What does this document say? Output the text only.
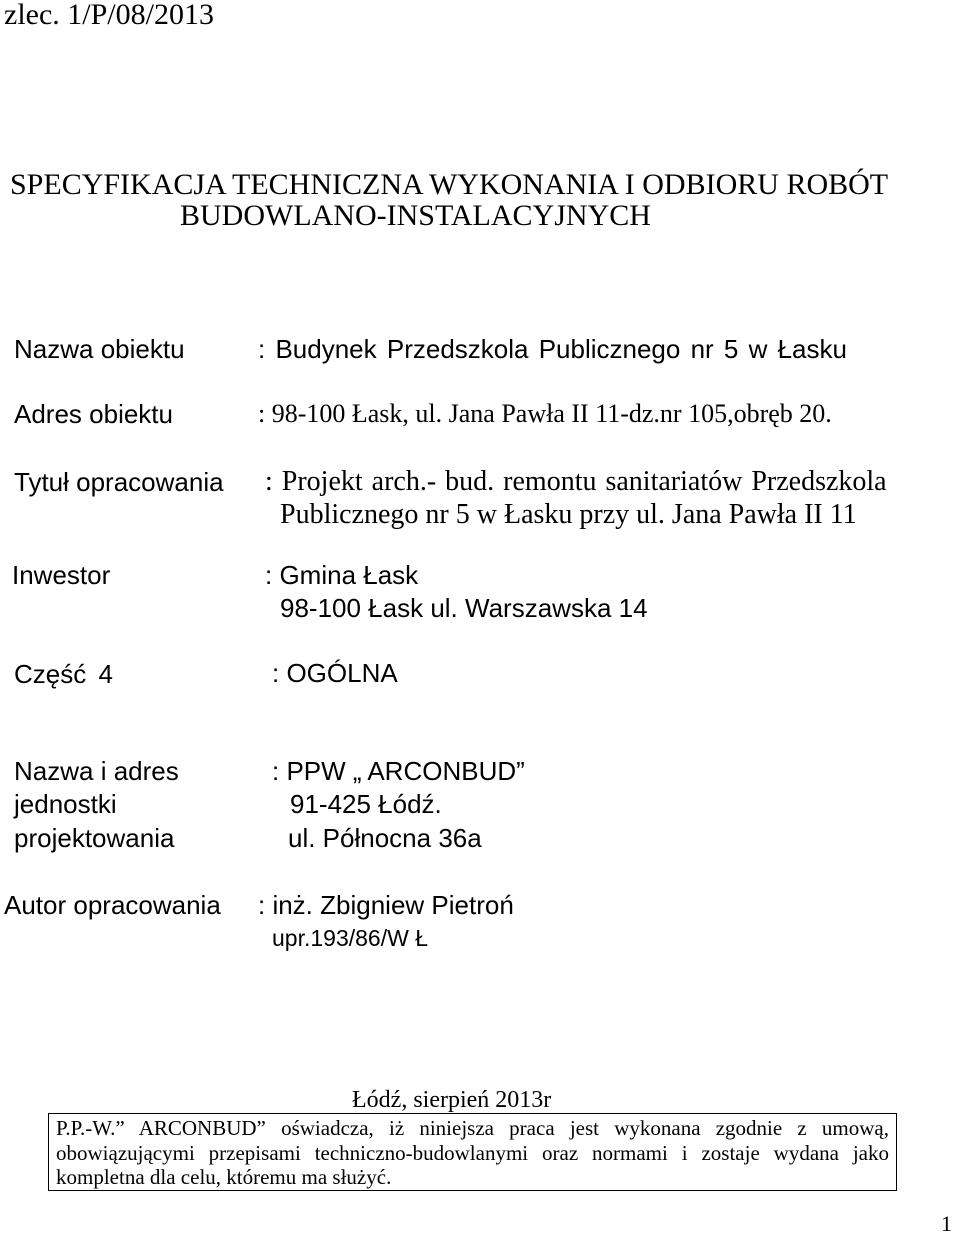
zlec. 1/P/08/2013
SPECYFIKACJA TECHNICZNA WYKONANIA I ODBIORU ROBÓT
BUDOWLANO-INSTALACYJNYCH
Nazwa obiektu	: Budynek Przedszkola Publicznego nr 5 w Łasku
Adres obiektu	: 98-100 Łask, ul. Jana Pawła II 11-dz.nr 105,obręb 20.
Tytuł opracowania : Projekt arch.- bud. remontu sanitariatów Przedszkola
Publicznego nr 5 w Łasku przy ul. Jana Pawła II 11
Inwestor	: Gmina Łask
98-100 Łask ul. Warszawska 14
Część 4	: OGÓLNA
Nazwa i adres
jednostki
projektowania
: PPW „ ARCONBUD”
91-425 Łódź.
ul. Północna 36a
Autor opracowania : inż. Zbigniew Pietroń
upr.193/86/W Ł
Łódź, sierpień 2013r
P.P.-W.” ARCONBUD” oświadcza, iż niniejsza praca jest wykonana zgodnie z umową,
obowiązującymi przepisami techniczno-budowlanymi oraz normami i zostaje wydana jako
kompletna dla celu, któremu ma służyć.
1
